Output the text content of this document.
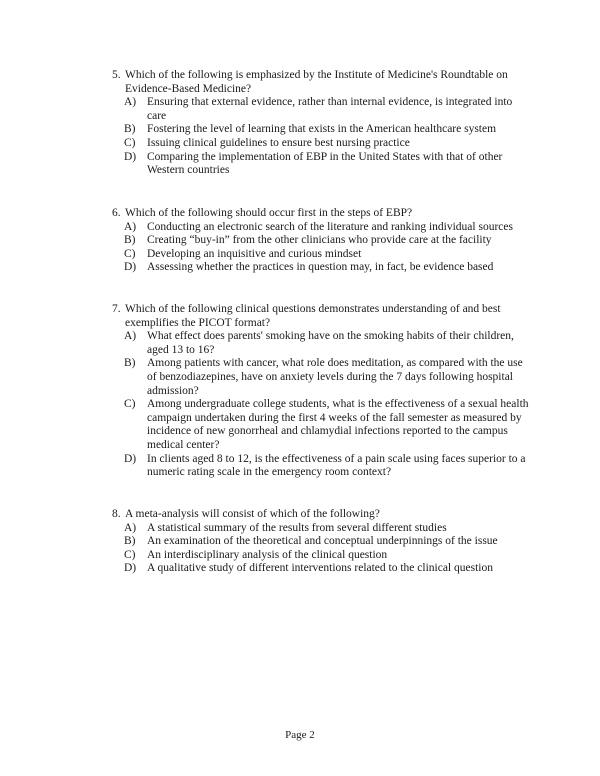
5. Which of the following is emphasized by the Institute of Medicine's Roundtable on Evidence-Based Medicine?
A) Ensuring that external evidence, rather than internal evidence, is integrated into care
B)	Fostering the level of learning that exists in the American healthcare system
C)	Issuing clinical guidelines to ensure best nursing practice
D) Comparing the implementation of EBP in the United States with that of other Western countries
6. Which of the following should occur first in the steps of EBP?
A) Conducting an electronic search of the literature and ranking individual sources
B)	Creating “buy-in” from the other clinicians who provide care at the facility
C)	Developing an inquisitive and curious mindset
D) Assessing whether the practices in question may, in fact, be evidence based
7. Which of the following clinical questions demonstrates understanding of and best exemplifies the PICOT format?
A) What effect does parents' smoking have on the smoking habits of their children, aged 13 to 16?
B)	Among patients with cancer, what role does meditation, as compared with the use of benzodiazepines, have on anxiety levels during the 7 days following hospital admission?
C)	Among undergraduate college students, what is the effectiveness of a sexual health campaign undertaken during the first 4 weeks of the fall semester as measured by incidence of new gonorrheal and chlamydial infections reported to the campus medical center?
D) In clients aged 8 to 12, is the effectiveness of a pain scale using faces superior to a numeric rating scale in the emergency room context?
8. A meta-analysis will consist of which of the following?
A) A statistical summary of the results from several different studies
B)	An examination of the theoretical and conceptual underpinnings of the issue
C)	An interdisciplinary analysis of the clinical question
D) A qualitative study of different interventions related to the clinical question
Page 2
